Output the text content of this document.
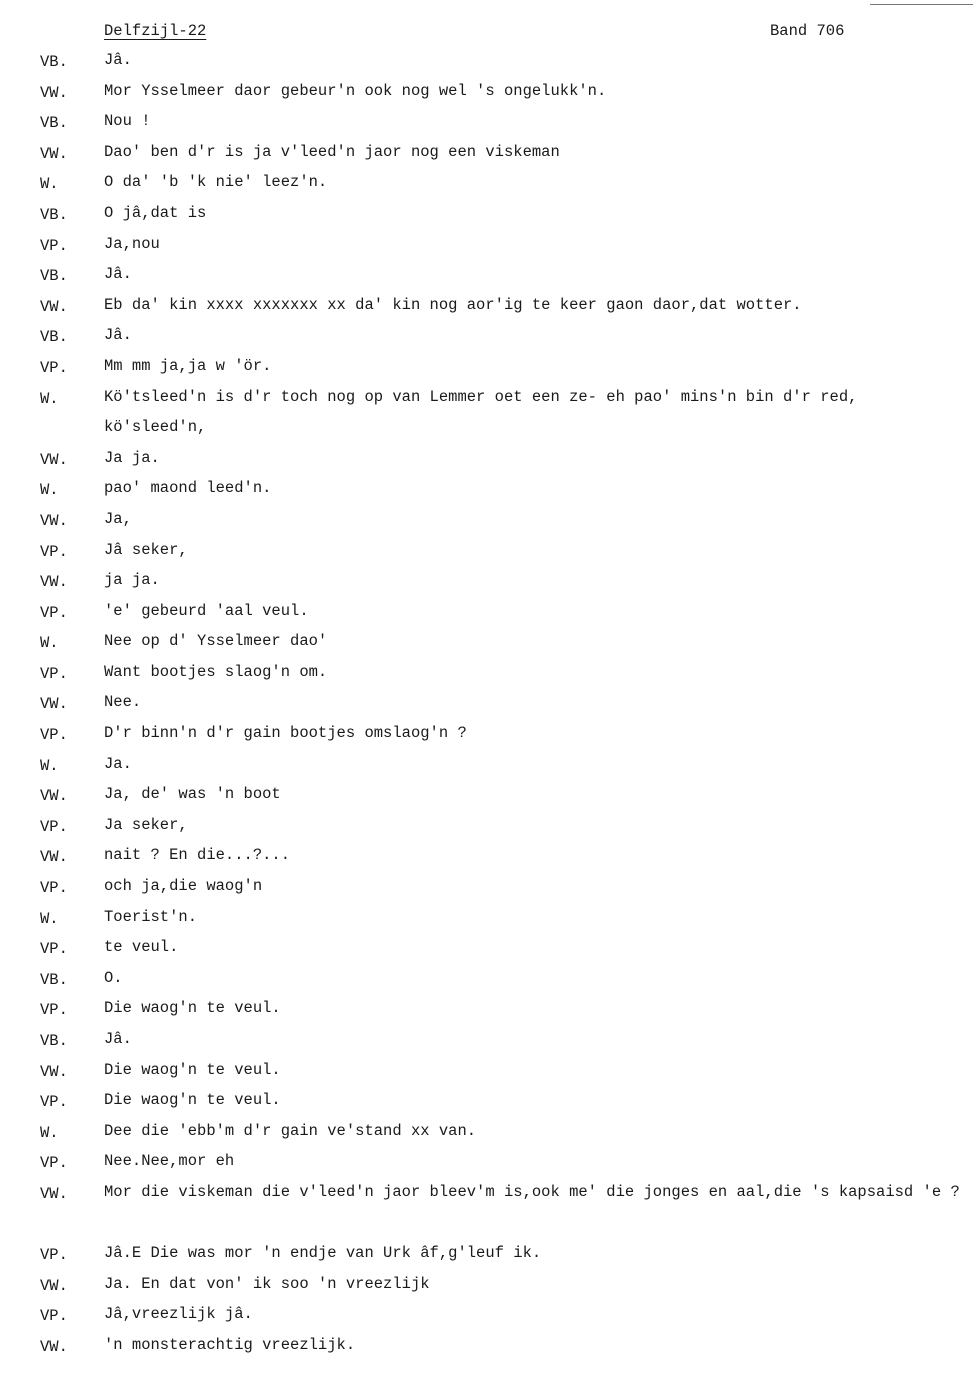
Delfzijl-22	Band 706
VB.	Jâ.
VW.	Mor Ysselmeer daor gebeur'n ook nog wel 's ongelukk'n.
VB.	Nou !
VW.	Dao' ben d'r is ja v'leed'n jaor nog een viskeman
W.	O da' 'b 'k nie' leez'n.
VB.	O jâ,dat is
VP.	Ja,nou
VB.	Jâ.
VW.	Eb da' kin xxxx xxxxxxx xx da' kin nog aor'ig te keer gaon daor,dat wotter.
VB.	Jâ.
VP.	Mm mm ja,ja w 'ör.
W.	Kö'tsleed'n is d'r toch nog op van Lemmer oet een ze- eh pao' mins'n bin d'r red, kö'sleed'n,
VW.	Ja ja.
W.	pao' maond leed'n.
VW.	Ja,
VP.	Jâ seker,
VW.	ja ja.
VP.	'e' gebeurd 'aal veul.
W.	Nee op d' Ysselmeer dao'
VP.	Want bootjes slaog'n om.
VW.	Nee.
VP.	D'r binn'n d'r gain bootjes omslaog'n ?
W.	Ja.
VW.	Ja, de' was 'n boot
VP.	Ja seker,
VW.	nait ? En die...?...
VP.	och ja,die waog'n
W.	Toerist'n.
VP.	te veul.
VB.	O.
VP.	Die waog'n te veul.
VB.	Jâ.
VW.	Die waog'n te veul.
VP.	Die waog'n te veul.
W.	Dee die 'ebb'm d'r gain ve'stand xx van.
VP.	Nee.Nee,mor eh
VW.	Mor die viskeman die v'leed'n jaor bleev'm is,ook me' die jonges en aal,die 's kapsaisd 'e ?
VP.	Jâ.E Die was mor 'n endje van Urk âf,g'leuf ik.
VW.	Ja. En dat von' ik soo 'n vreezlijk
VP.	Jâ,vreezlijk jâ.
VW.	'n monsterachtig vreezlijk.
